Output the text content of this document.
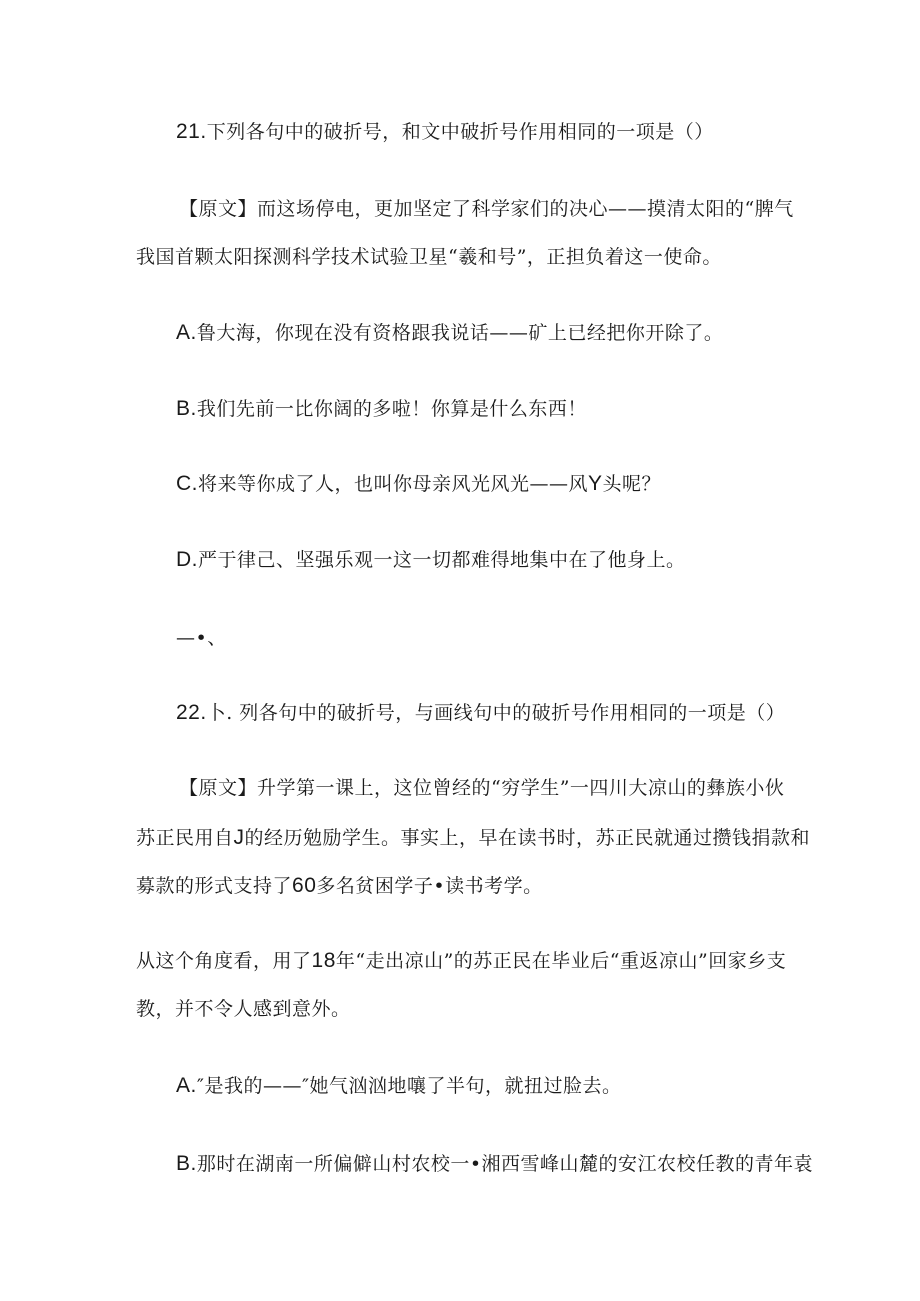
21.下列各句中的破折号，和文中破折号作用相同的一项是（）
【原文】而这场停电，更加坚定了科学家们的决心——摸清太阳的“脾气
我国首颗太阳探测科学技术试验卫星“羲和号”，正担负着这一使命。
A.鲁大海，你现在没有资格跟我说话——矿上已经把你开除了。
B.我们先前一比你阔的多啦！你算是什么东西！
C.将来等你成了人，也叫你母亲风光风光——风Y头呢？
D.严于律己、坚强乐观一这一切都难得地集中在了他身上。
—•、
22.卜. 列各句中的破折号，与画线句中的破折号作用相同的一项是（）
【原文】升学第一课上，这位曾经的“穷学生”一四川大凉山的彝族小伙
苏正民用自J的经历勉励学生。事实上，早在读书时，苏正民就通过攒钱捐款和
募款的形式支持了60多名贫困学子•读书考学。
从这个角度看，用了18年“走出凉山”的苏正民在毕业后“重返凉山”回家乡支
教，并不令人感到意外。
A.″是我的——″她气汹汹地嚷了半句，就扭过脸去。
B.那时在湖南一所偏僻山村农校一•湘西雪峰山麓的安江农校任教的青年袁
